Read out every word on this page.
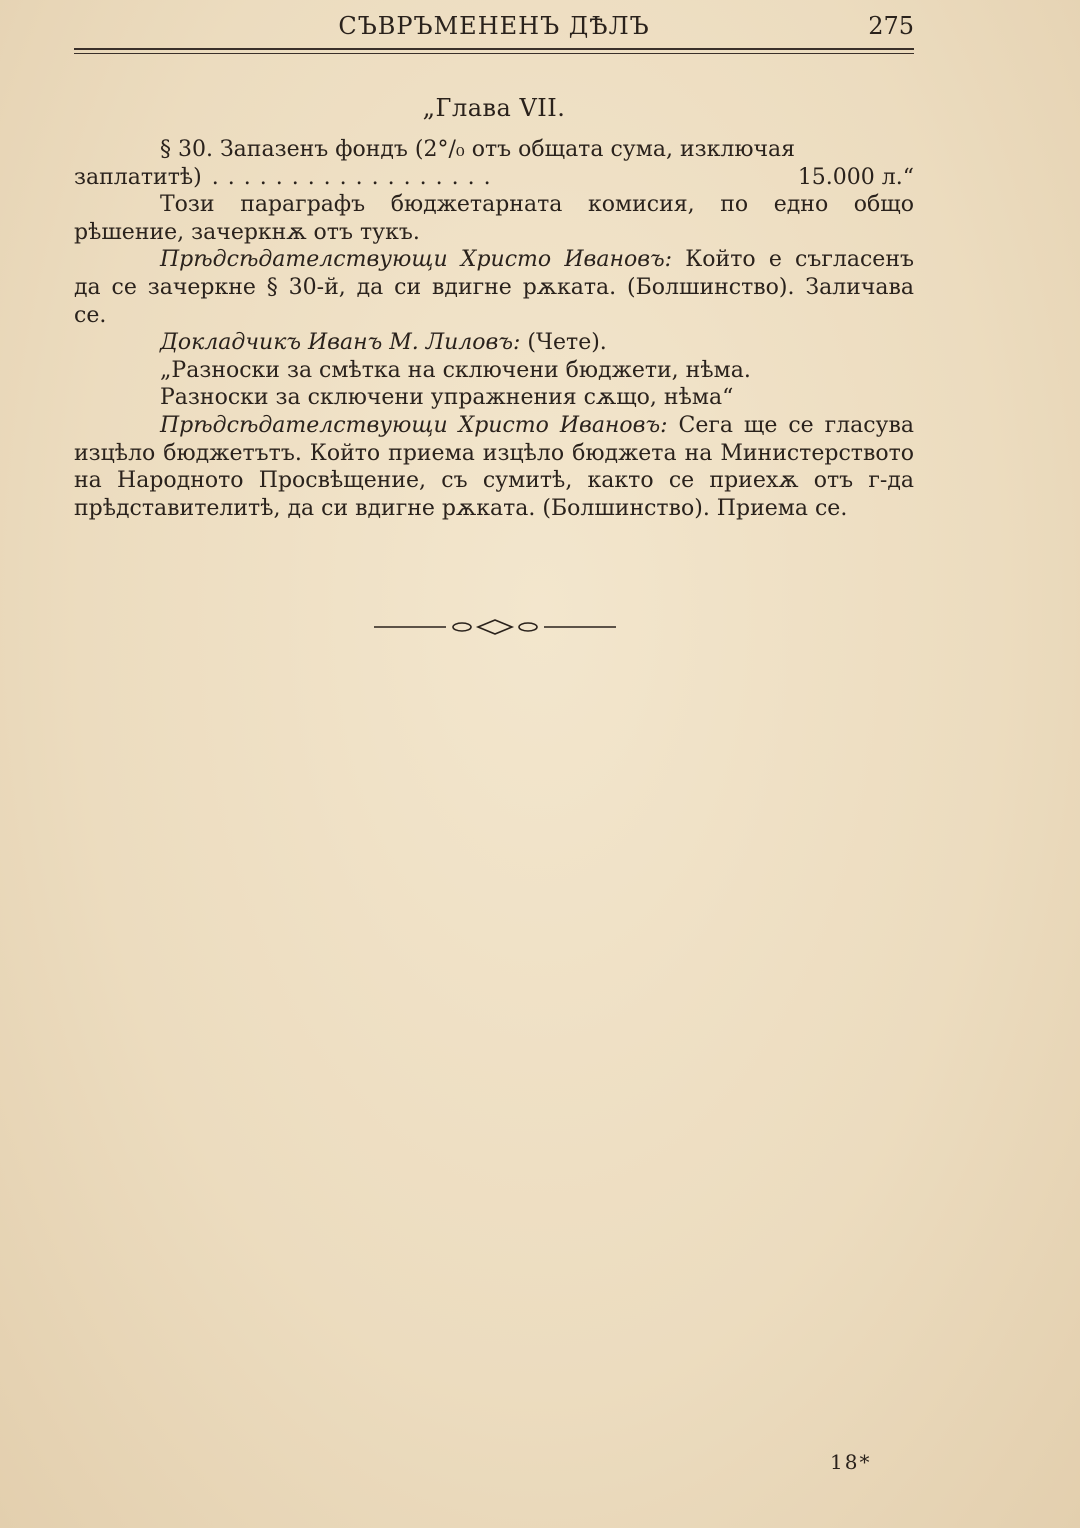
СЪВРЪМЕНЕНЪ ДѢЛЪ	275
„Глава VII.

§ 30. Запазенъ фондъ (2°/₀ отъ общата сума, изключая

заплатитѣ) ..................	15.000 л.“

Този параграфъ бюджетарната комисия, по едно общо рѣшение, зачеркнѫ отъ тукъ.

Прѣдсѣдателствующи Христо Ивановъ: Който е съгласенъ да се зачеркне § 30-й, да си вдигне рѫката. (Болшинство). Заличава се.

Докладчикъ Иванъ М. Лиловъ: (Чете).

„Разноски за смѣтка на сключени бюджети, нѣма.

Разноски за сключени упражнения сѫщо, нѣма“

Прѣдсѣдателствующи Христо Ивановъ: Сега ще се гласува изцѣло бюджетътъ. Който приема изцѣло бюджета на Министерството на Народното Просвѣщение, съ сумитѣ, както се приехѫ отъ г-да прѣдставителитѣ, да си вдигне рѫката. (Болшинство). Приема се.

18*
